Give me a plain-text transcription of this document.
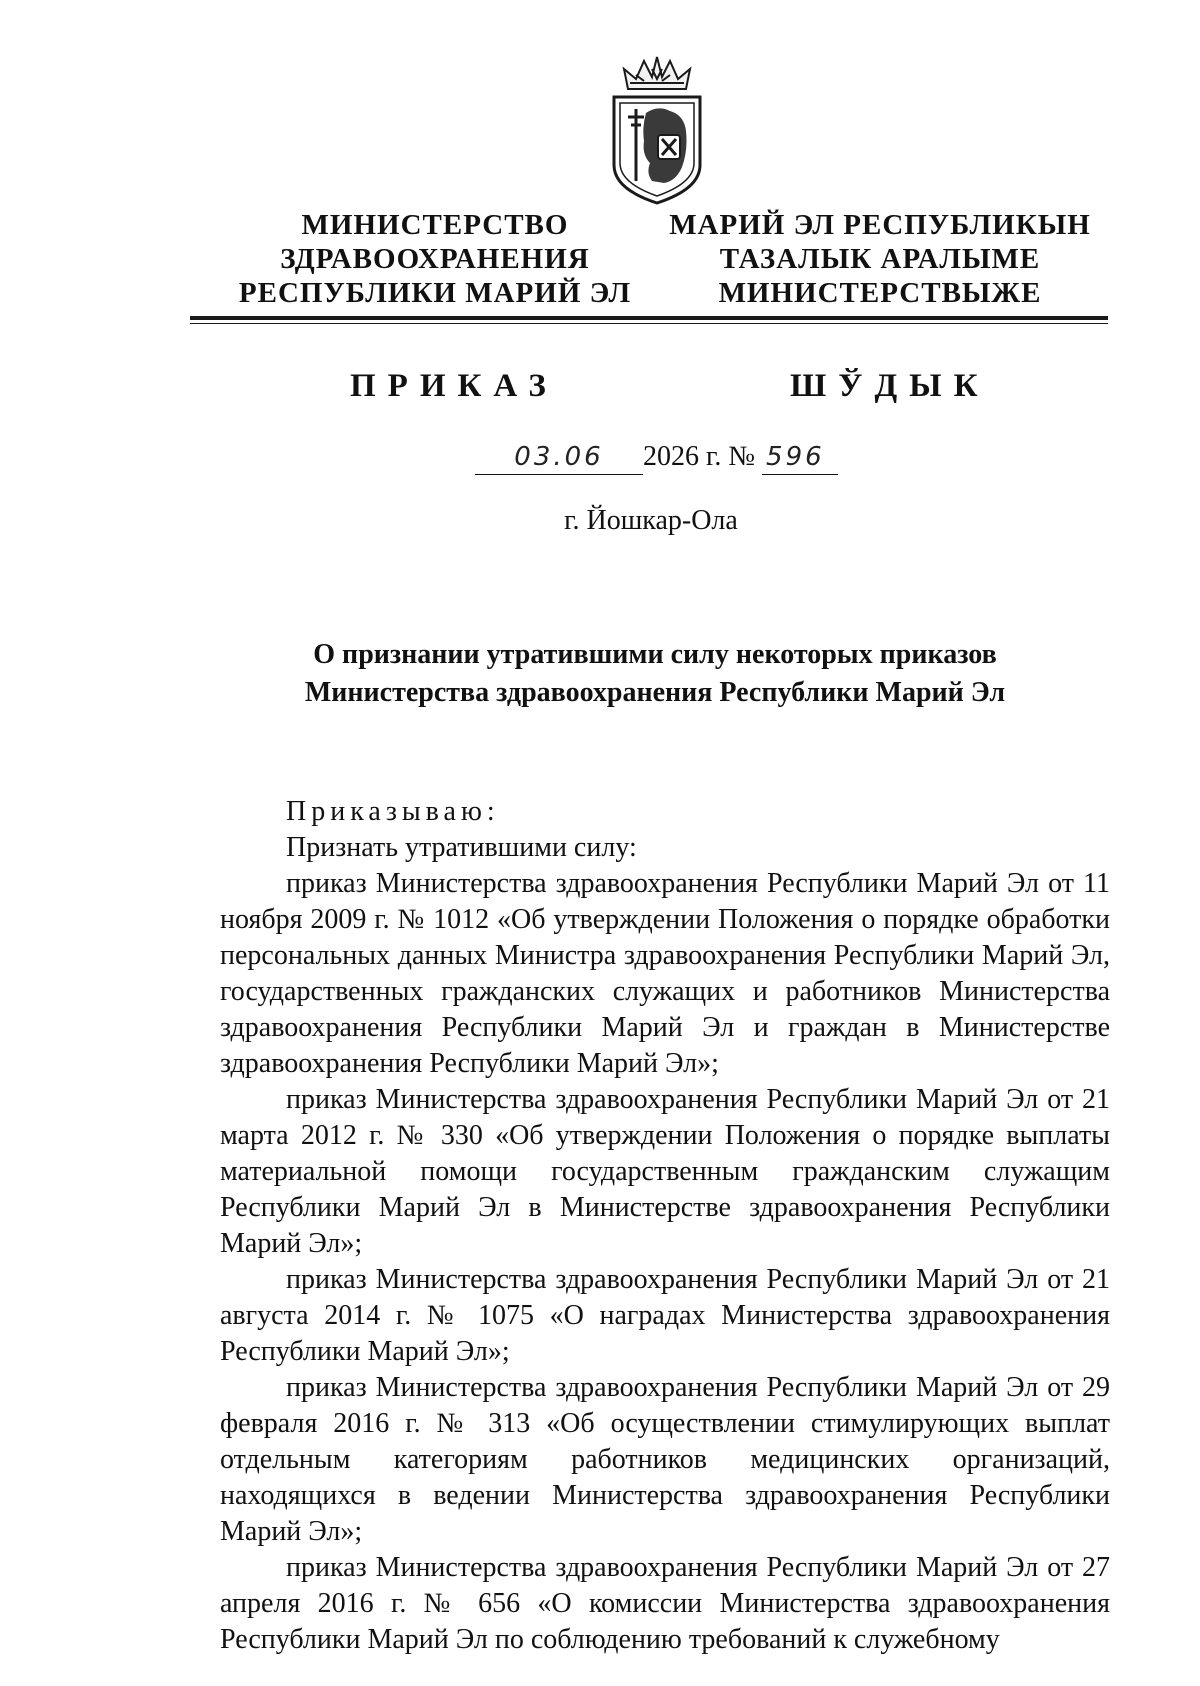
МИНИСТЕРСТВО
ЗДРАВООХРАНЕНИЯ
РЕСПУБЛИКИ МАРИЙ ЭЛ
МАРИЙ ЭЛ РЕСПУБЛИКЫН
ТАЗАЛЫК АРАЛЫМЕ
МИНИСТЕРСТВЫЖЕ
ПРИКАЗ	ШЎДЫК
03.06 2026 г. № 596
г. Йошкар-Ола
О признании утратившими силу некоторых приказов
Министерства здравоохранения Республики Марий Эл
Приказываю:
Признать утратившими силу:

приказ Министерства здравоохранения Республики Марий Эл от 11 ноября 2009 г. № 1012 «Об утверждении Положения о порядке обработки персональных данных Министра здравоохранения Республики Марий Эл, государственных гражданских служащих и работников Министерства здравоохранения Республики Марий Эл и граждан в Министерстве здравоохранения Республики Марий Эл»;

приказ Министерства здравоохранения Республики Марий Эл от 21 марта 2012 г. № 330 «Об утверждении Положения о порядке выплаты материальной помощи государственным гражданским служащим Республики Марий Эл в Министерстве здравоохранения Республики Марий Эл»;

приказ Министерства здравоохранения Республики Марий Эл от 21 августа 2014 г. № 1075 «О наградах Министерства здравоохранения Республики Марий Эл»;

приказ Министерства здравоохранения Республики Марий Эл от 29 февраля 2016 г. № 313 «Об осуществлении стимулирующих выплат отдельным категориям работников медицинских организаций, находящихся в ведении Министерства здравоохранения Республики Марий Эл»;

приказ Министерства здравоохранения Республики Марий Эл от 27 апреля 2016 г. № 656 «О комиссии Министерства здравоохранения Республики Марий Эл по соблюдению требований к служебному
